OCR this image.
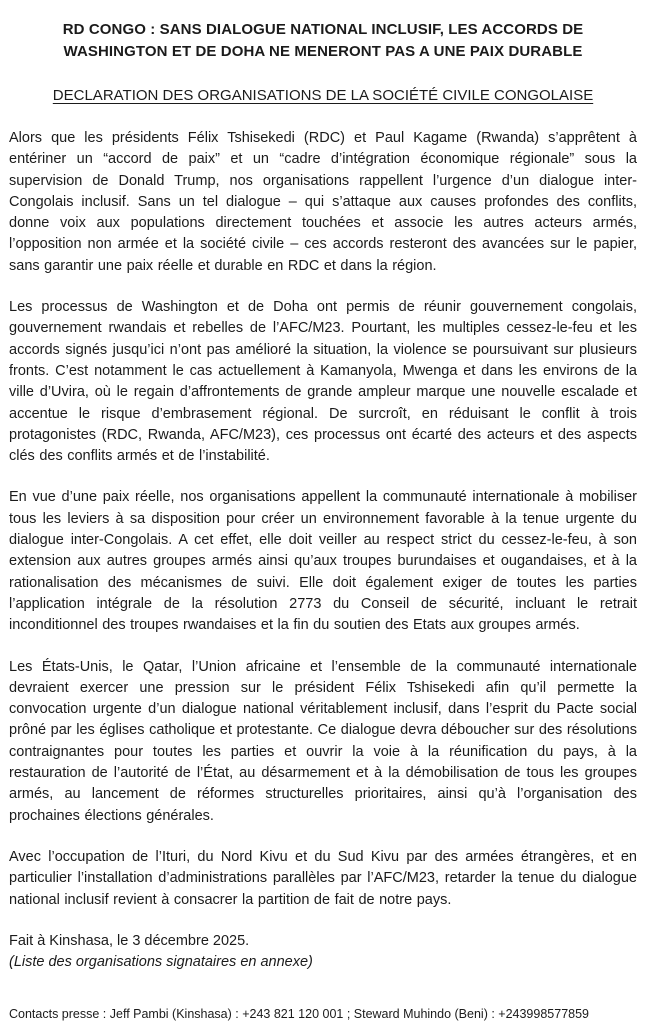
RD CONGO : SANS DIALOGUE NATIONAL INCLUSIF, LES ACCORDS DE WASHINGTON ET DE DOHA NE MENERONT PAS A UNE PAIX DURABLE
DECLARATION DES ORGANISATIONS DE LA SOCIÉTÉ CIVILE CONGOLAISE

Alors que les présidents Félix Tshisekedi (RDC) et Paul Kagame (Rwanda) s’apprêtent à entériner un “accord de paix” et un “cadre d’intégration économique régionale” sous la supervision de Donald Trump, nos organisations rappellent l’urgence d’un dialogue inter-Congolais inclusif. Sans un tel dialogue – qui s’attaque aux causes profondes des conflits, donne voix aux populations directement touchées et associe les autres acteurs armés, l’opposition non armée et la société civile – ces accords resteront des avancées sur le papier, sans garantir une paix réelle et durable en RDC et dans la région.

Les processus de Washington et de Doha ont permis de réunir gouvernement congolais, gouvernement rwandais et rebelles de l’AFC/M23. Pourtant, les multiples cessez-le-feu et les accords signés jusqu’ici n’ont pas amélioré la situation, la violence se poursuivant sur plusieurs fronts. C’est notamment le cas actuellement à Kamanyola, Mwenga et dans les environs de la ville d’Uvira, où le regain d’affrontements de grande ampleur marque une nouvelle escalade et accentue le risque d’embrasement régional. De surcroît, en réduisant le conflit à trois protagonistes (RDC, Rwanda, AFC/M23), ces processus ont écarté des acteurs et des aspects clés des conflits armés et de l’instabilité.

En vue d’une paix réelle, nos organisations appellent la communauté internationale à mobiliser tous les leviers à sa disposition pour créer un environnement favorable à la tenue urgente du dialogue inter-Congolais. A cet effet, elle doit veiller au respect strict du cessez-le-feu, à son extension aux autres groupes armés ainsi qu’aux troupes burundaises et ougandaises, et à la rationalisation des mécanismes de suivi. Elle doit également exiger de toutes les parties l’application intégrale de la résolution 2773 du Conseil de sécurité, incluant le retrait inconditionnel des troupes rwandaises et la fin du soutien des Etats aux groupes armés.

Les États-Unis, le Qatar, l’Union africaine et l’ensemble de la communauté internationale devraient exercer une pression sur le président Félix Tshisekedi afin qu’il permette la convocation urgente d’un dialogue national véritablement inclusif, dans l’esprit du Pacte social prôné par les églises catholique et protestante. Ce dialogue devra déboucher sur des résolutions contraignantes pour toutes les parties et ouvrir la voie à la réunification du pays, à la restauration de l’autorité de l’État, au désarmement et à la démobilisation de tous les groupes armés, au lancement de réformes structurelles prioritaires, ainsi qu’à l’organisation des prochaines élections générales.

Avec l’occupation de l’Ituri, du Nord Kivu et du Sud Kivu par des armées étrangères, et en particulier l’installation d’administrations parallèles par l’AFC/M23, retarder la tenue du dialogue national inclusif revient à consacrer la partition de fait de notre pays.

Fait à Kinshasa, le 3 décembre 2025.
(Liste des organisations signataires en annexe)
Contacts presse : Jeff Pambi (Kinshasa) : +243 821 120 001 ; Steward Muhindo (Beni) : +243998577859
